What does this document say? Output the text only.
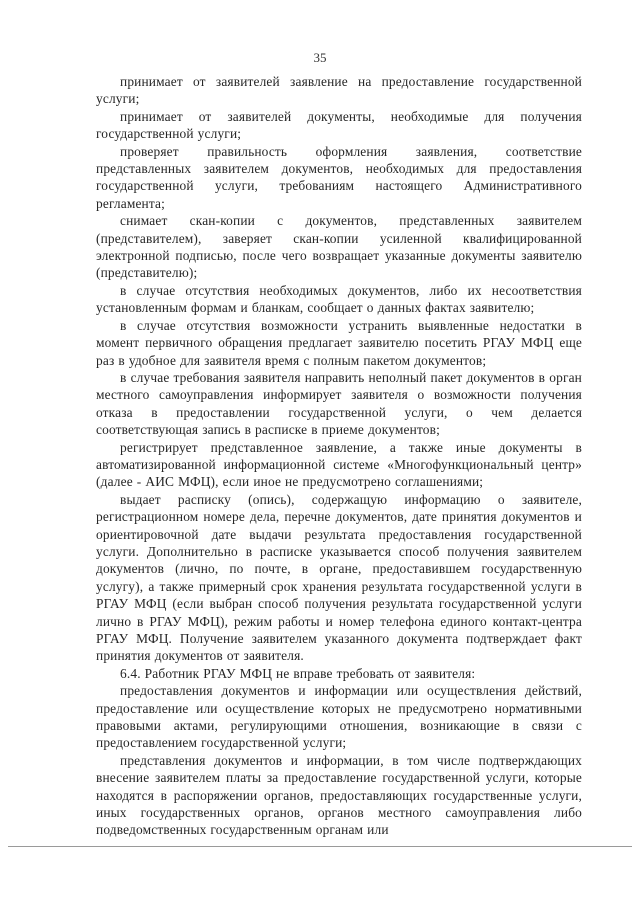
35

принимает от заявителей заявление на предоставление государственной услуги;

принимает от заявителей документы, необходимые для получения государственной услуги;

проверяет правильность оформления заявления, соответствие представленных заявителем документов, необходимых для предоставления государственной услуги, требованиям настоящего Административного регламента;

снимает скан-копии с документов, представленных заявителем (представителем), заверяет скан-копии усиленной квалифицированной электронной подписью, после чего возвращает указанные документы заявителю (представителю);

в случае отсутствия необходимых документов, либо их несоответствия установленным формам и бланкам, сообщает о данных фактах заявителю;

в случае отсутствия возможности устранить выявленные недостатки в момент первичного обращения предлагает заявителю посетить РГАУ МФЦ еще раз в удобное для заявителя время с полным пакетом документов;

в случае требования заявителя направить неполный пакет документов в орган местного самоуправления информирует заявителя о возможности получения отказа в предоставлении государственной услуги, о чем делается соответствующая запись в расписке в приеме документов;

регистрирует представленное заявление, а также иные документы в автоматизированной информационной системе «Многофункциональный центр» (далее - АИС МФЦ), если иное не предусмотрено соглашениями;

выдает расписку (опись), содержащую информацию о заявителе, регистрационном номере дела, перечне документов, дате принятия документов и ориентировочной дате выдачи результата предоставления государственной услуги. Дополнительно в расписке указывается способ получения заявителем документов (лично, по почте, в органе, предоставившем государственную услугу), а также примерный срок хранения результата государственной услуги в РГАУ МФЦ (если выбран способ получения результата государственной услуги лично в РГАУ МФЦ), режим работы и номер телефона единого контакт-центра РГАУ МФЦ. Получение заявителем указанного документа подтверждает факт принятия документов от заявителя.

6.4. Работник РГАУ МФЦ не вправе требовать от заявителя:

предоставления документов и информации или осуществления действий, предоставление или осуществление которых не предусмотрено нормативными правовыми актами, регулирующими отношения, возникающие в связи с предоставлением государственной услуги;

представления документов и информации, в том числе подтверждающих внесение заявителем платы за предоставление государственной услуги, которые находятся в распоряжении органов, предоставляющих государственные услуги, иных государственных органов, органов местного самоуправления либо подведомственных государственным органам или
